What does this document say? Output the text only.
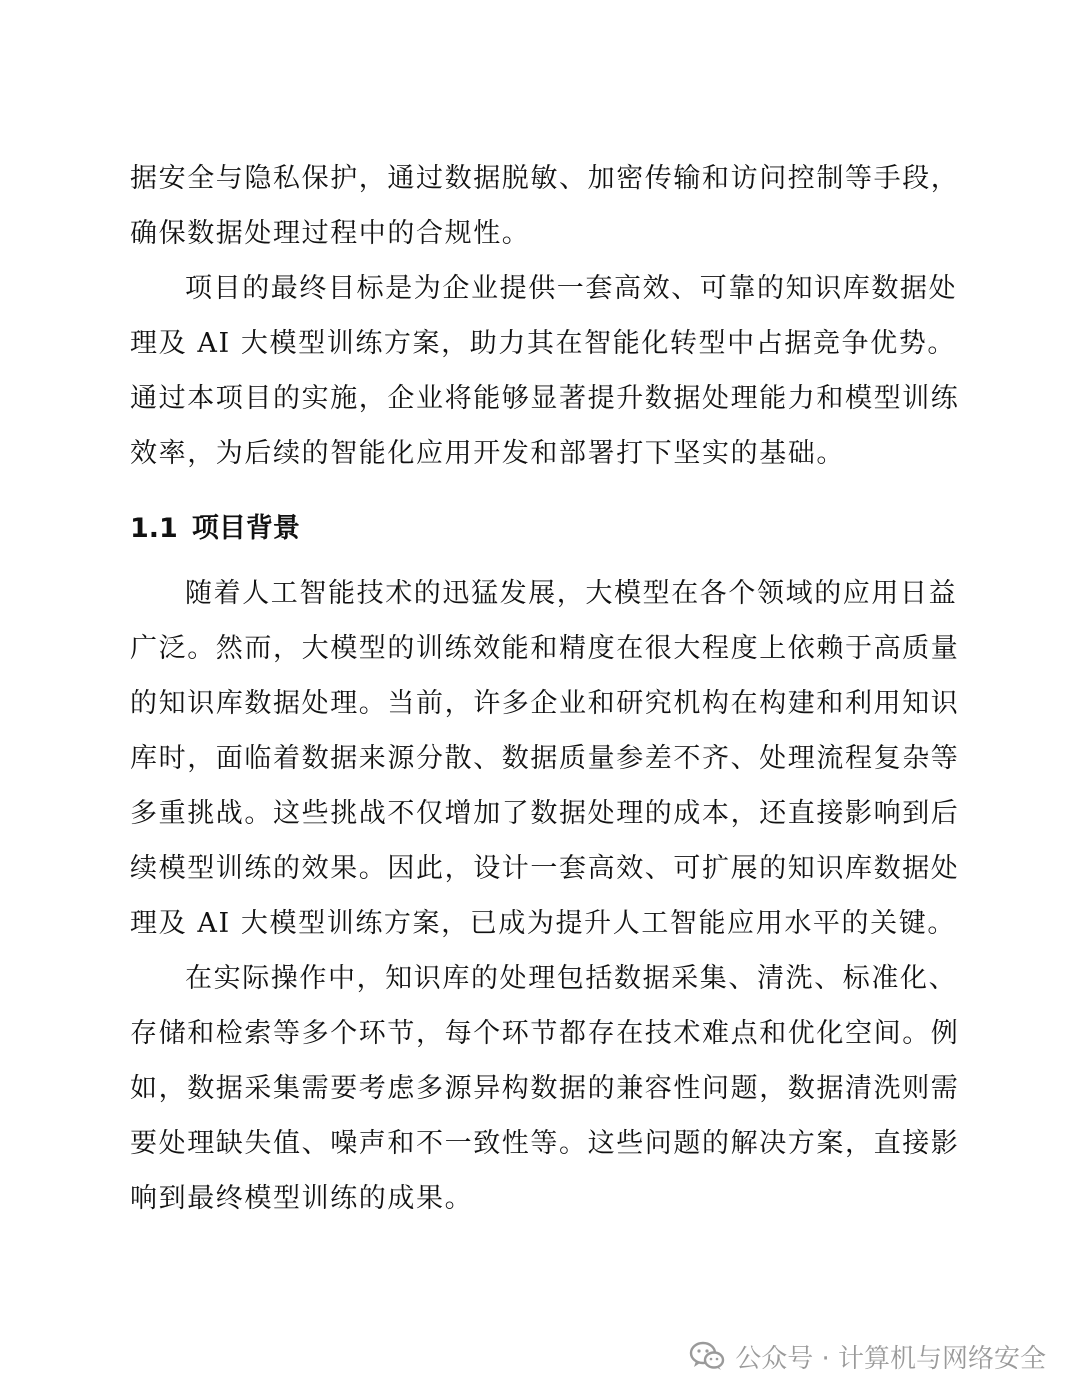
据安全与隐私保护，通过数据脱敏、加密传输和访问控制等手段，
确保数据处理过程中的合规性。
项目的最终目标是为企业提供一套高效、可靠的知识库数据处
理及 AI 大模型训练方案，助力其在智能化转型中占据竞争优势。
通过本项目的实施，企业将能够显著提升数据处理能力和模型训练
效率，为后续的智能化应用开发和部署打下坚实的基础。
1.1 项目背景
随着人工智能技术的迅猛发展，大模型在各个领域的应用日益
广泛。然而，大模型的训练效能和精度在很大程度上依赖于高质量
的知识库数据处理。当前，许多企业和研究机构在构建和利用知识
库时，面临着数据来源分散、数据质量参差不齐、处理流程复杂等
多重挑战。这些挑战不仅增加了数据处理的成本，还直接影响到后
续模型训练的效果。因此，设计一套高效、可扩展的知识库数据处
理及 AI 大模型训练方案，已成为提升人工智能应用水平的关键。
在实际操作中，知识库的处理包括数据采集、清洗、标准化、
存储和检索等多个环节，每个环节都存在技术难点和优化空间。例
如，数据采集需要考虑多源异构数据的兼容性问题，数据清洗则需
要处理缺失值、噪声和不一致性等。这些问题的解决方案，直接影
响到最终模型训练的成果。
公众号 · 计算机与网络安全
